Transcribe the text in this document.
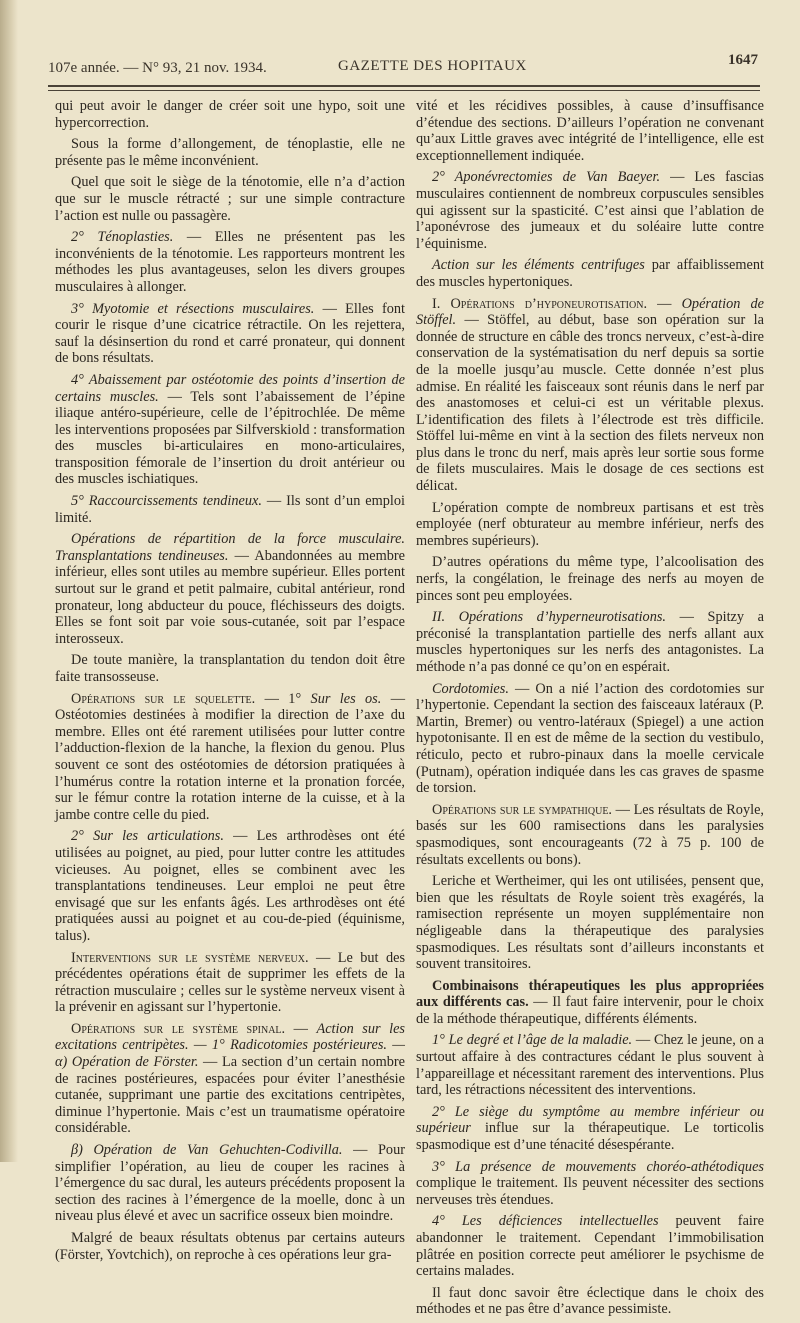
107e année. — N° 93, 21 nov. 1934.	GAZETTE DES HOPITAUX	1647

qui peut avoir le danger de créer soit une hypo, soit une hypercorrection.

Sous la forme d’allongement, de ténoplastie, elle ne présente pas le même inconvénient.

Quel que soit le siège de la ténotomie, elle n’a d’action que sur le muscle rétracté ; sur une simple contracture l’action est nulle ou passagère.

2° Ténoplasties. — Elles ne présentent pas les inconvénients de la ténotomie. Les rapporteurs montrent les méthodes les plus avantageuses, selon les divers groupes musculaires à allonger.

3° Myotomie et résections musculaires. — Elles font courir le risque d’une cicatrice rétractile. On les rejettera, sauf la désinsertion du rond et carré pronateur, qui donnent de bons résultats.

4° Abaissement par ostéotomie des points d’insertion de certains muscles. — Tels sont l’abaissement de l’épine iliaque antéro-supérieure, celle de l’épitrochlée. De même les interventions proposées par Silfverskiold : transformation des muscles bi-articulaires en mono-articulaires, transposition fémorale de l’insertion du droit antérieur ou des muscles ischiatiques.

5° Raccourcissements tendineux. — Ils sont d’un emploi limité.

Opérations de répartition de la force musculaire. Transplantations tendineuses. — Abandonnées au membre inférieur, elles sont utiles au membre supérieur. Elles portent surtout sur le grand et petit palmaire, cubital antérieur, rond pronateur, long abducteur du pouce, fléchisseurs des doigts. Elles se font soit par voie sous-cutanée, soit par l’espace interosseux.

De toute manière, la transplantation du tendon doit être faite transosseuse.

Opérations sur le squelette. — 1° Sur les os. — Ostéotomies destinées à modifier la direction de l’axe du membre. Elles ont été rarement utilisées pour lutter contre l’adduction-flexion de la hanche, la flexion du genou. Plus souvent ce sont des ostéotomies de détorsion pratiquées à l’humérus contre la rotation interne et la pronation forcée, sur le fémur contre la rotation interne de la cuisse, et à la jambe contre celle du pied.

2° Sur les articulations. — Les arthrodèses ont été utilisées au poignet, au pied, pour lutter contre les attitudes vicieuses. Au poignet, elles se combinent avec les transplantations tendineuses. Leur emploi ne peut être envisagé que sur les enfants âgés. Les arthrodèses ont été pratiquées aussi au poignet et au cou-de-pied (équinisme, talus).

Interventions sur le système nerveux. — Le but des précédentes opérations était de supprimer les effets de la rétraction musculaire ; celles sur le système nerveux visent à la prévenir en agissant sur l’hypertonie.

Opérations sur le système spinal. — Action sur les excitations centripètes. — 1° Radicotomies postérieures. — α) Opération de Förster. — La section d’un certain nombre de racines postérieures, espacées pour éviter l’anesthésie cutanée, supprimant une partie des excitations centripètes, diminue l’hypertonie. Mais c’est un traumatisme opératoire considérable.

β) Opération de Van Gehuchten-Codivilla. — Pour simplifier l’opération, au lieu de couper les racines à l’émergence du sac dural, les auteurs précédents proposent la section des racines à l’émergence de la moelle, donc à un niveau plus élevé et avec un sacrifice osseux bien moindre.

Malgré de beaux résultats obtenus par certains auteurs (Förster, Yovtchich), on reproche à ces opérations leur gra-

vité et les récidives possibles, à cause d’insuffisance d’étendue des sections. D’ailleurs l’opération ne convenant qu’aux Little graves avec intégrité de l’intelligence, elle est exceptionnellement indiquée.

2° Aponévrectomies de Van Baeyer. — Les fascias musculaires contiennent de nombreux corpuscules sensibles qui agissent sur la spasticité. C’est ainsi que l’ablation de l’aponévrose des jumeaux et du soléaire lutte contre l’équinisme.

Action sur les éléments centrifuges par affaiblissement des muscles hypertoniques.

I. Opérations d’hyponeurotisation. — Opération de Stöffel. — Stöffel, au début, base son opération sur la donnée de structure en câble des troncs nerveux, c’est-à-dire conservation de la systématisation du nerf depuis sa sortie de la moelle jusqu’au muscle. Cette donnée n’est plus admise. En réalité les faisceaux sont réunis dans le nerf par des anastomoses et celui-ci est un véritable plexus. L’identification des filets à l’électrode est très difficile. Stöffel lui-même en vint à la section des filets nerveux non plus dans le tronc du nerf, mais après leur sortie sous forme de filets musculaires. Mais le dosage de ces sections est délicat.

L’opération compte de nombreux partisans et est très employée (nerf obturateur au membre inférieur, nerfs des membres supérieurs).

D’autres opérations du même type, l’alcoolisation des nerfs, la congélation, le freinage des nerfs au moyen de pinces sont peu employées.

II. Opérations d’hyperneurotisations. — Spitzy a préconisé la transplantation partielle des nerfs allant aux muscles hypertoniques sur les nerfs des antagonistes. La méthode n’a pas donné ce qu’on en espérait.

Cordotomies. — On a nié l’action des cordotomies sur l’hypertonie. Cependant la section des faisceaux latéraux (P. Martin, Bremer) ou ventro-latéraux (Spiegel) a une action hypotonisante. Il en est de même de la section du vestibulo, réticulo, pecto et rubro-pinaux dans la moelle cervicale (Putnam), opération indiquée dans les cas graves de spasme de torsion.

Opérations sur le sympathique. — Les résultats de Royle, basés sur les 600 ramisections dans les paralysies spasmodiques, sont encourageants (72 à 75 p. 100 de résultats excellents ou bons).

Leriche et Wertheimer, qui les ont utilisées, pensent que, bien que les résultats de Royle soient très exagérés, la ramisection représente un moyen supplémentaire non négligeable dans la thérapeutique des paralysies spasmodiques. Les résultats sont d’ailleurs inconstants et souvent transitoires.

Combinaisons thérapeutiques les plus appropriées aux différents cas. — Il faut faire intervenir, pour le choix de la méthode thérapeutique, différents éléments.

1° Le degré et l’âge de la maladie. — Chez le jeune, on a surtout affaire à des contractures cédant le plus souvent à l’appareillage et nécessitant rarement des interventions. Plus tard, les rétractions nécessitent des interventions.

2° Le siège du symptôme au membre inférieur ou supérieur influe sur la thérapeutique. Le torticolis spasmodique est d’une ténacité désespérante.

3° La présence de mouvements choréo-athétodiques complique le traitement. Ils peuvent nécessiter des sections nerveuses très étendues.

4° Les déficiences intellectuelles peuvent faire abandonner le traitement. Cependant l’immobilisation plâtrée en position correcte peut améliorer le psychisme de certains malades.

Il faut donc savoir être éclectique dans le choix des méthodes et ne pas être d’avance pessimiste.
